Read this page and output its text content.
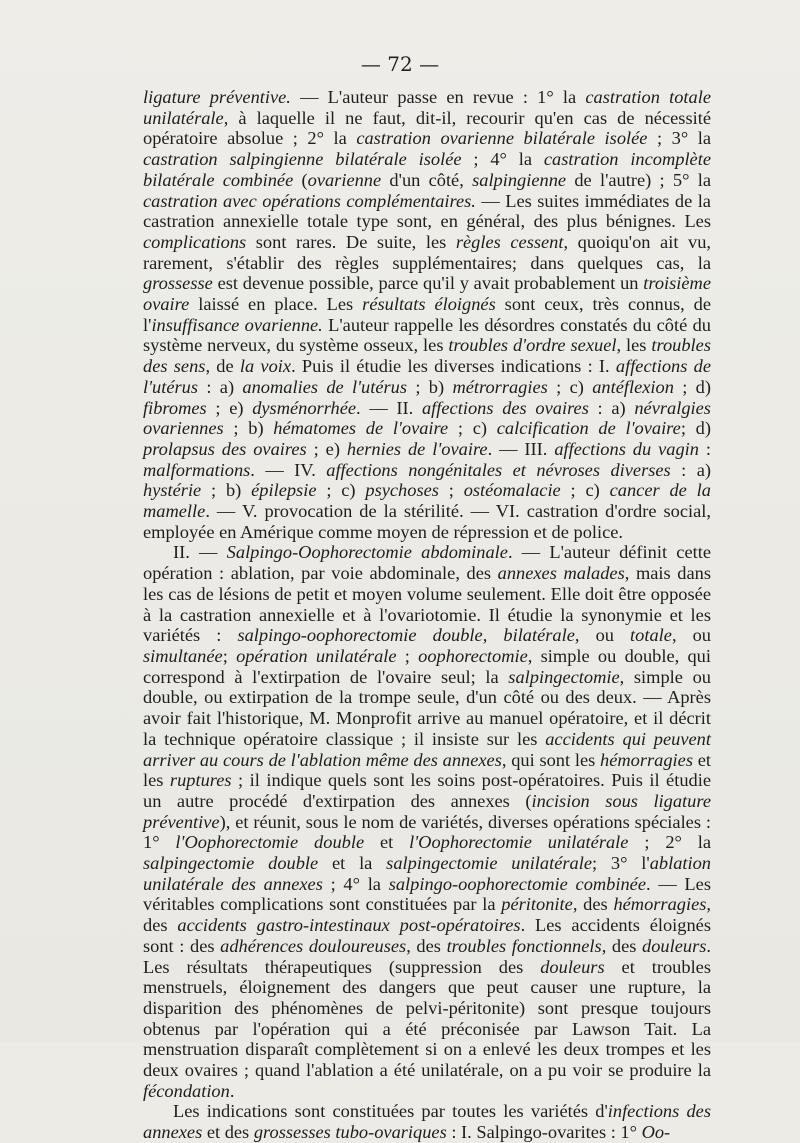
— 72 —

ligature préventive. — L'auteur passe en revue : 1° la castration totale unilatérale, à laquelle il ne faut, dit-il, recourir qu'en cas de nécessité opératoire absolue ; 2° la castration ovarienne bilatérale isolée ; 3° la castration salpingienne bilatérale isolée ; 4° la castration incomplète bilatérale combinée (ovarienne d'un côté, salpingienne de l'autre) ; 5° la castration avec opérations complémentaires. — Les suites immédiates de la castration annexielle totale type sont, en général, des plus bénignes. Les complications sont rares. De suite, les règles cessent, quoiqu'on ait vu, rarement, s'établir des règles supplémentaires; dans quelques cas, la grossesse est devenue possible, parce qu'il y avait probablement un troisième ovaire laissé en place. Les résultats éloignés sont ceux, très connus, de l'insuffisance ovarienne. L'auteur rappelle les désordres constatés du côté du système nerveux, du système osseux, les troubles d'ordre sexuel, les troubles des sens, de la voix. Puis il étudie les diverses indications : I. affections de l'utérus : a) anomalies de l'utérus ; b) métrorragies ; c) antéflexion ; d) fibromes ; e) dysménorrhée. — II. affections des ovaires : a) névralgies ovariennes ; b) hématomes de l'ovaire ; c) calcification de l'ovaire; d) prolapsus des ovaires ; e) hernies de l'ovaire. — III. affections du vagin : malformations. — IV. affections nongénitales et névroses diverses : a) hystérie ; b) épilepsie ; c) psychoses ; ostéomalacie ; c) cancer de la mamelle. — V. provocation de la stérilité. — VI. castration d'ordre social, employée en Amérique comme moyen de répression et de police.

II. — Salpingo-Oophorectomie abdominale. — L'auteur définit cette opération : ablation, par voie abdominale, des annexes malades, mais dans les cas de lésions de petit et moyen volume seulement. Elle doit être opposée à la castration annexielle et à l'ovariotomie. Il étudie la synonymie et les variétés : salpingo-oophorectomie double, bilatérale, ou totale, ou simultanée; opération unilatérale ; oophorectomie, simple ou double, qui correspond à l'extirpation de l'ovaire seul; la salpingectomie, simple ou double, ou extirpation de la trompe seule, d'un côté ou des deux. — Après avoir fait l'historique, M. Monprofit arrive au manuel opératoire, et il décrit la technique opératoire classique ; il insiste sur les accidents qui peuvent arriver au cours de l'ablation même des annexes, qui sont les hémorragies et les ruptures ; il indique quels sont les soins post-opératoires. Puis il étudie un autre procédé d'extirpation des annexes (incision sous ligature préventive), et réunit, sous le nom de variétés, diverses opérations spéciales : 1° l'Oophorectomie double et l'Oophorectomie unilatérale ; 2° la salpingectomie double et la salpingectomie unilatérale; 3° l'ablation unilatérale des annexes ; 4° la salpingo-oophorectomie combinée. — Les véritables complications sont constituées par la péritonite, des hémorragies, des accidents gastro-intestinaux post-opératoires. Les accidents éloignés sont : des adhérences douloureuses, des troubles fonctionnels, des douleurs. Les résultats thérapeutiques (suppression des douleurs et troubles menstruels, éloignement des dangers que peut causer une rupture, la disparition des phénomènes de pelvi-péritonite) sont presque toujours obtenus par l'opération qui a été préconisée par Lawson Tait. La menstruation disparaît complètement si on a enlevé les deux trompes et les deux ovaires ; quand l'ablation a été unilatérale, on a pu voir se produire la fécondation.

Les indications sont constituées par toutes les variétés d'infections des annexes et des grossesses tubo-ovariques : I. Salpingo-ovarites : 1° Oo-
